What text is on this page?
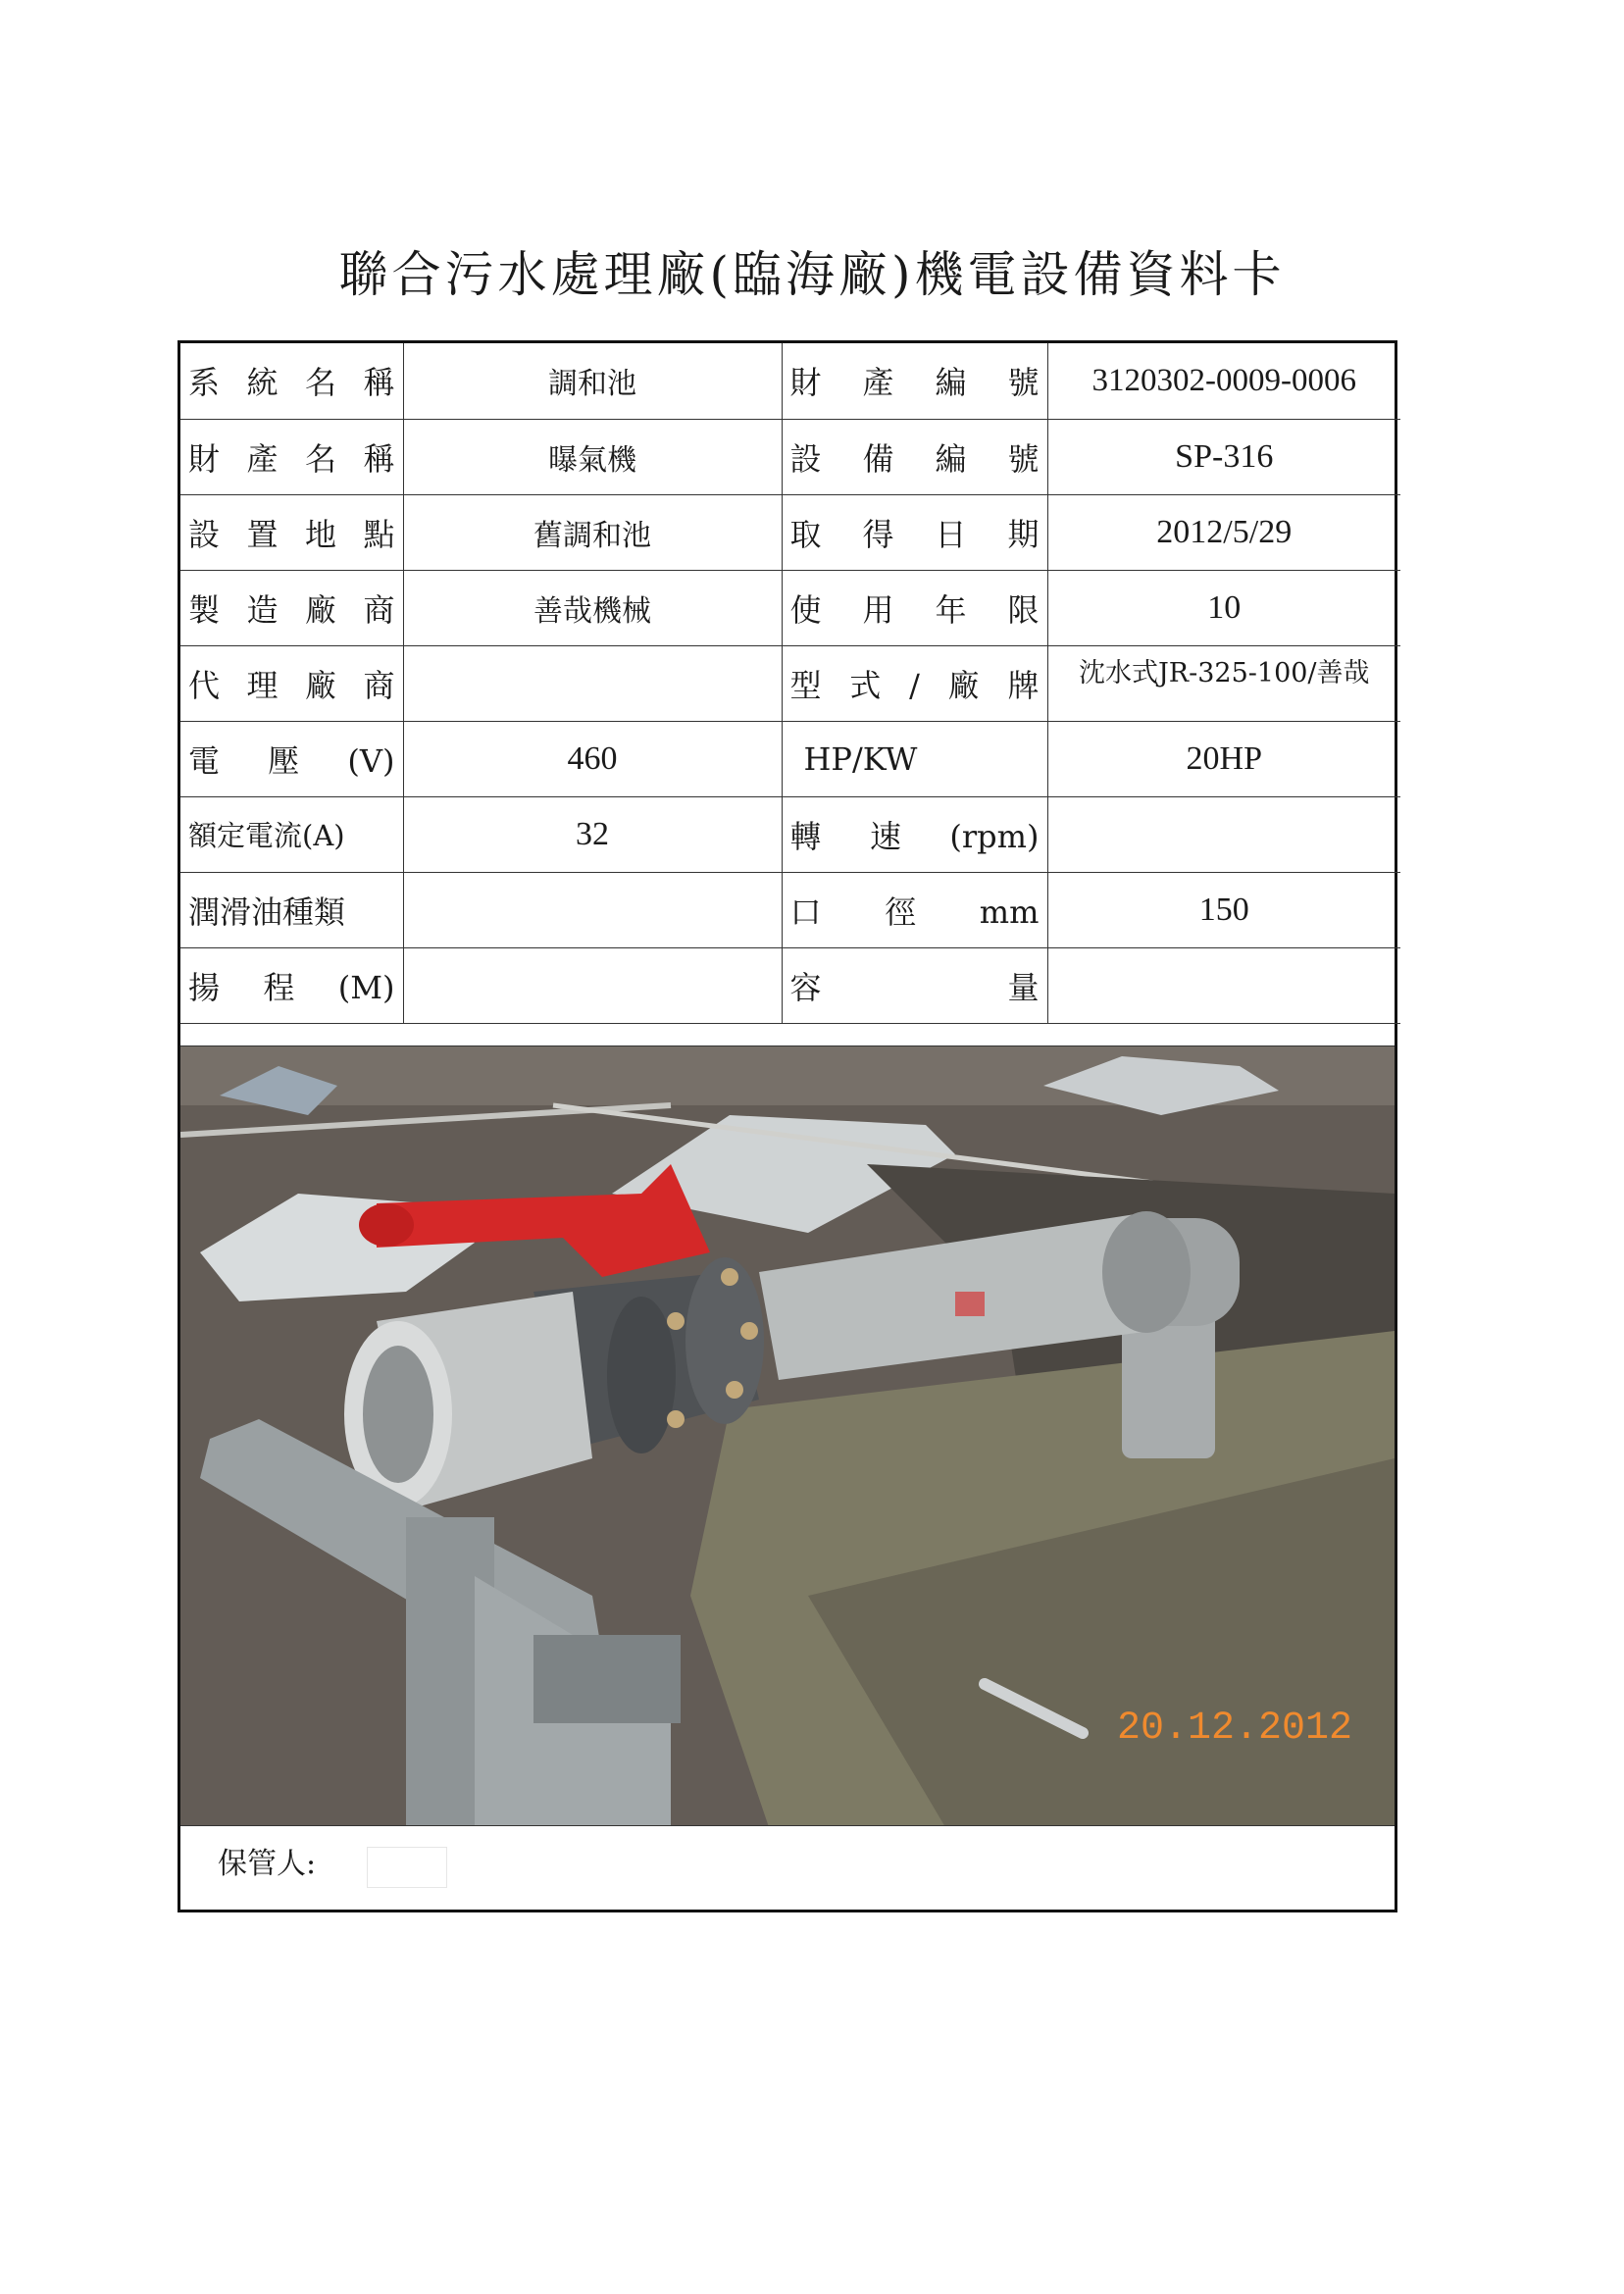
聯合污水處理廠(臨海廠)機電設備資料卡
系統名稱	調和池	財產編號	3120302-0009-0006
財產名稱	曝氣機	設備編號	SP-316
設置地點	舊調和池	取得日期	2012/5/29
製造廠商	善哉機械	使用年限	10
代理廠商		型式/廠牌	沈水式JR-325-100/善哉
電壓(V)	460	HP/KW	20HP
額定電流(A)	32	轉速(rpm)	
潤滑油種類		口徑mm	150
揚程(M)		容量	
20.12.2012
保管人:
